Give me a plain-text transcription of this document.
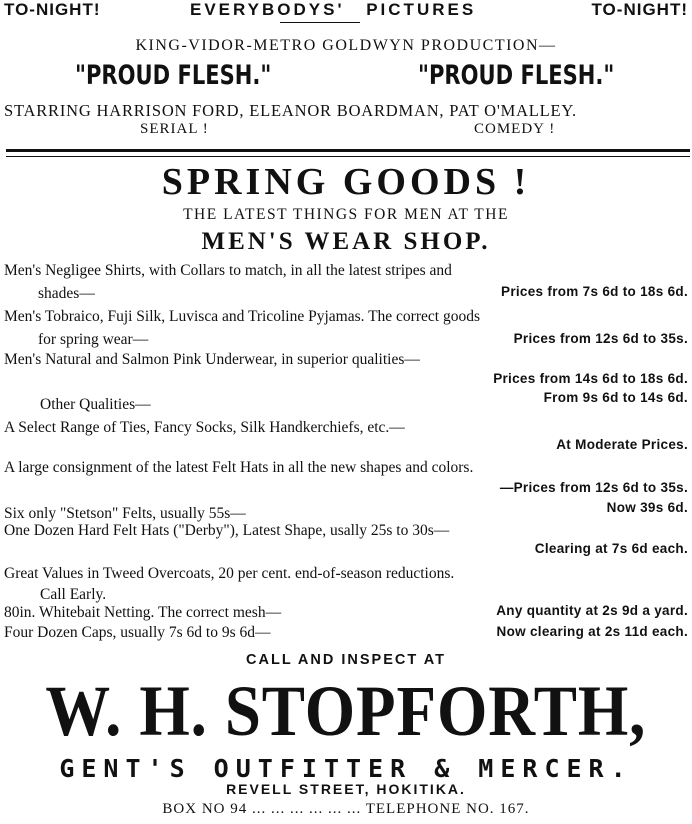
TO-NIGHT!	EVERYBODYS' PICTURES	TO-NIGHT!
KING-VIDOR-METRO GOLDWYN PRODUCTION—
"PROUD FLESH."	"PROUD FLESH."
STARRING HARRISON FORD, ELEANOR BOARDMAN, PAT O'MALLEY.
SERIAL !	COMEDY !
SPRING GOODS !
THE LATEST THINGS FOR MEN AT THE
MEN'S WEAR SHOP.
Men's Negligee Shirts, with Collars to match, in all the latest stripes and
shades—	Prices from 7s 6d to 18s 6d.
Men's Tobraico, Fuji Silk, Luvisca and Tricoline Pyjamas. The correct goods
for spring wear—	Prices from 12s 6d to 35s.
Men's Natural and Salmon Pink Underwear, in superior qualities—
Prices from 14s 6d to 18s 6d.
Other Qualities—	From 9s 6d to 14s 6d.
A Select Range of Ties, Fancy Socks, Silk Handkerchiefs, etc.—
At Moderate Prices.
A large consignment of the latest Felt Hats in all the new shapes and colors.
—Prices from 12s 6d to 35s.
Six only "Stetson" Felts, usually 55s—	Now 39s 6d.
One Dozen Hard Felt Hats ("Derby"), Latest Shape, usally 25s to 30s—
Clearing at 7s 6d each.
Great Values in Tweed Overcoats, 20 per cent. end-of-season reductions.
Call Early.
80in. Whitebait Netting. The correct mesh—	Any quantity at 2s 9d a yard.
Four Dozen Caps, usually 7s 6d to 9s 6d—	Now clearing at 2s 11d each.
CALL AND INSPECT AT
W. H. STOPFORTH,
GENT'S OUTFITTER & MERCER.
REVELL STREET, HOKITIKA.
BOX NO 94 ... ... ... ... ... ... TELEPHONE NO. 167.
